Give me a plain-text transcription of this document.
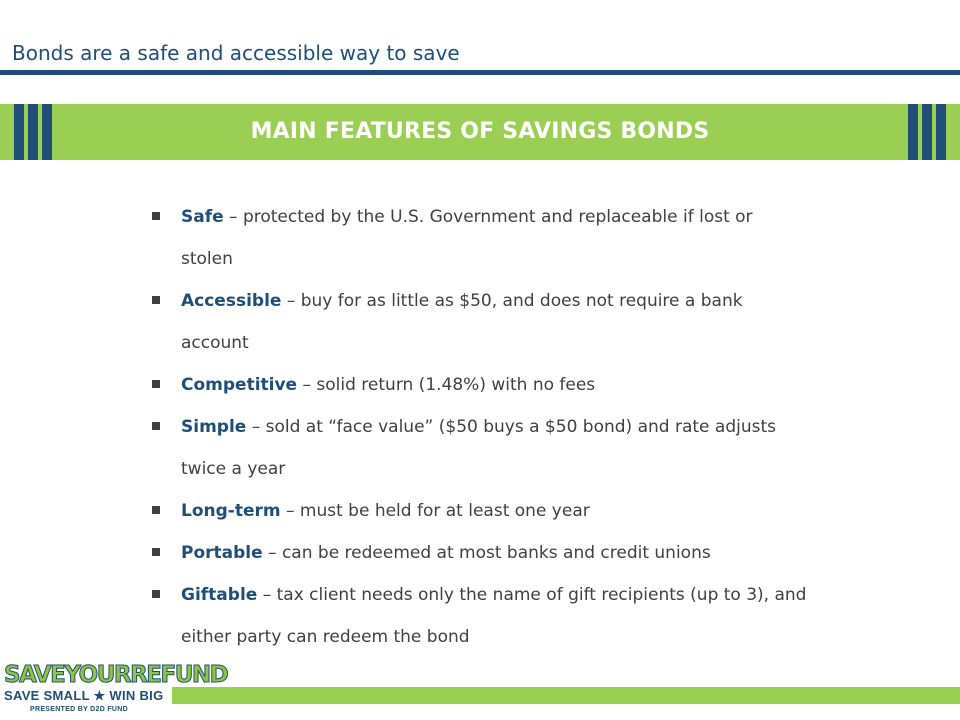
Bonds are a safe and accessible way to save
MAIN FEATURES OF SAVINGS BONDS
Safe – protected by the U.S. Government and replaceable if lost or stolen
Accessible – buy for as little as $50, and does not require a bank account
Competitive – solid return (1.48%) with no fees
Simple – sold at “face value” ($50 buys a $50 bond) and rate adjusts twice a year
Long-term – must be held for at least one year
Portable – can be redeemed at most banks and credit unions
Giftable – tax client needs only the name of gift recipients (up to 3), and either party can redeem the bond
SAVEYOURREFUND
SAVE SMALL ★ WIN BIG
PRESENTED BY D2D FUND
